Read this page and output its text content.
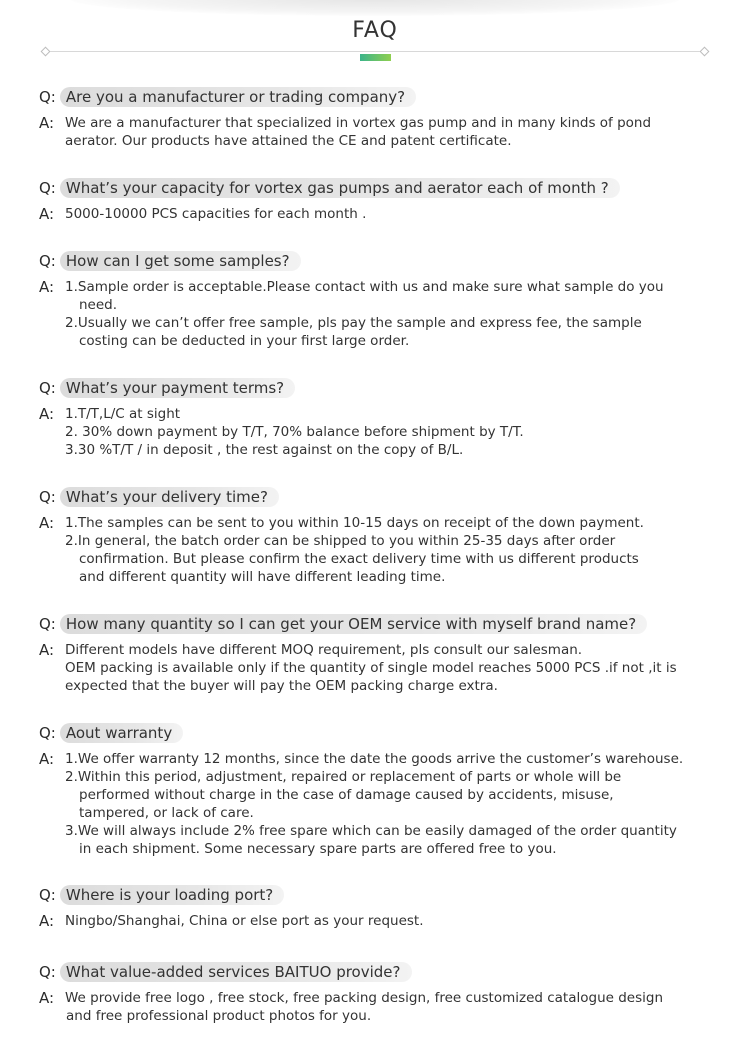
FAQ
Q: Are you a manufacturer or trading company?
A: We are a manufacturer that specialized in vortex gas pump and in many kinds of pond
aerator. Our products have attained the CE and patent certificate.
Q: What’s your capacity for vortex gas pumps and aerator each of month ?
A: 5000-10000 PCS capacities for each month .
Q: How can I get some samples?
A: 1.Sample order is acceptable.Please contact with us and make sure what sample do you
need.
2.Usually we can’t offer free sample, pls pay the sample and express fee, the sample
costing can be deducted in your first large order.
Q: What’s your payment terms?
A: 1.T/T,L/C at sight
2. 30% down payment by T/T, 70% balance before shipment by T/T.
3.30 %T/T / in deposit , the rest against on the copy of B/L.
Q: What’s your delivery time?
A: 1.The samples can be sent to you within 10-15 days on receipt of the down payment.
2.In general, the batch order can be shipped to you within 25-35 days after order
confirmation. But please confirm the exact delivery time with us different products
and different quantity will have different leading time.
Q: How many quantity so I can get your OEM service with myself brand name?
A: Different models have different MOQ requirement, pls consult our salesman.
OEM packing is available only if the quantity of single model reaches 5000 PCS .if not ,it is
expected that the buyer will pay the OEM packing charge extra.
Q: Aout warranty
A: 1.We offer warranty 12 months, since the date the goods arrive the customer’s warehouse.
2.Within this period, adjustment, repaired or replacement of parts or whole will be
performed without charge in the case of damage caused by accidents, misuse,
tampered, or lack of care.
3.We will always include 2% free spare which can be easily damaged of the order quantity
in each shipment. Some necessary spare parts are offered free to you.
Q: Where is your loading port?
A: Ningbo/Shanghai, China or else port as your request.
Q: What value-added services BAITUO provide?
A: We provide free logo , free stock, free packing design, free customized catalogue design
and free professional product photos for you.
